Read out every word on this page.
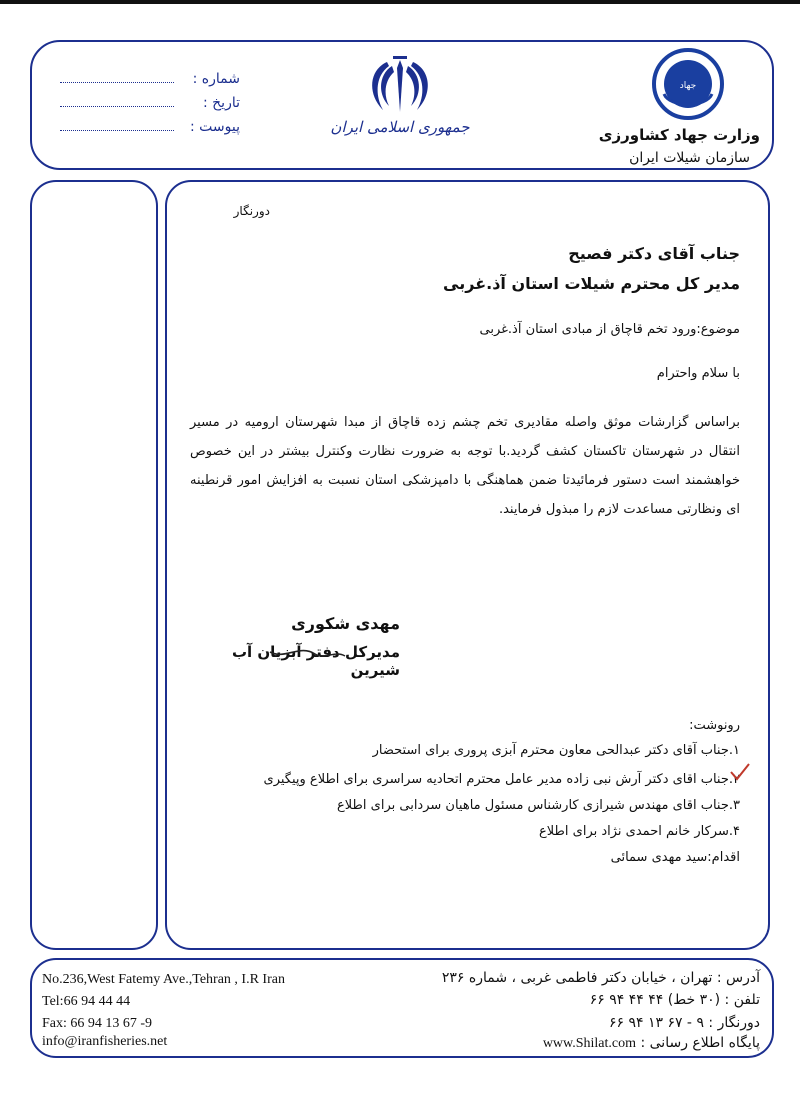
شماره :
تاریخ :
پیوست :	جمهوری اسلامی ایران
جهاد
وزارت جهاد کشاورزی
سازمان شیلات ایران
دورنگار
جناب آقای دکتر فصیح
مدیر کل محترم شیلات استان آذ.غربی
موضوع:ورود تخم قاچاق از مبادی استان آذ.غربی
با سلام واحترام
براساس گزارشات موثق واصله مقادیری تخم چشم زده قاچاق از مبدا شهرستان ارومیه در مسیر انتقال در شهرستان تاکستان کشف گردید.با توجه به ضرورت نظارت وکنترل بیشتر در این خصوص خواهشمند است دستور فرمائیدتا ضمن هماهنگی با دامپزشکی استان نسبت به افزایش امور قرنطینه ای ونظارتی مساعدت لازم را مبذول فرمایند.
مهدی شکوری
مدیرکل دفتر آبزیان آب شیرین
رونوشت:
۱.جناب آقای دکتر عبدالحی معاون محترم آبزی پروری برای استحضار
۲.جناب اقای دکتر آرش نبی زاده مدیر عامل محترم اتحادیه سراسری برای اطلاع وپیگیری
۳.جناب اقای مهندس شیرازی کارشناس مسئول ماهیان سردابی برای اطلاع
۴.سرکار خانم احمدی نژاد برای اطلاع
اقدام:سید مهدی سمائی
No.236,West Fatemy Ave.,Tehran , I.R Iran
Tel:66 94 44 44
Fax: 66 94 13 67 -9
info@iranfisheries.net
آدرس : تهران ، خیابان دکتر فاطمی غربی ، شماره ۲۳۶
تلفن : (۳۰ خط) ۴۴ ۴۴ ۹۴ ۶۶
دورنگار : ۹ - ۶۷ ۱۳ ۹۴ ۶۶
پایگاه اطلاع رسانی : www.Shilat.com
